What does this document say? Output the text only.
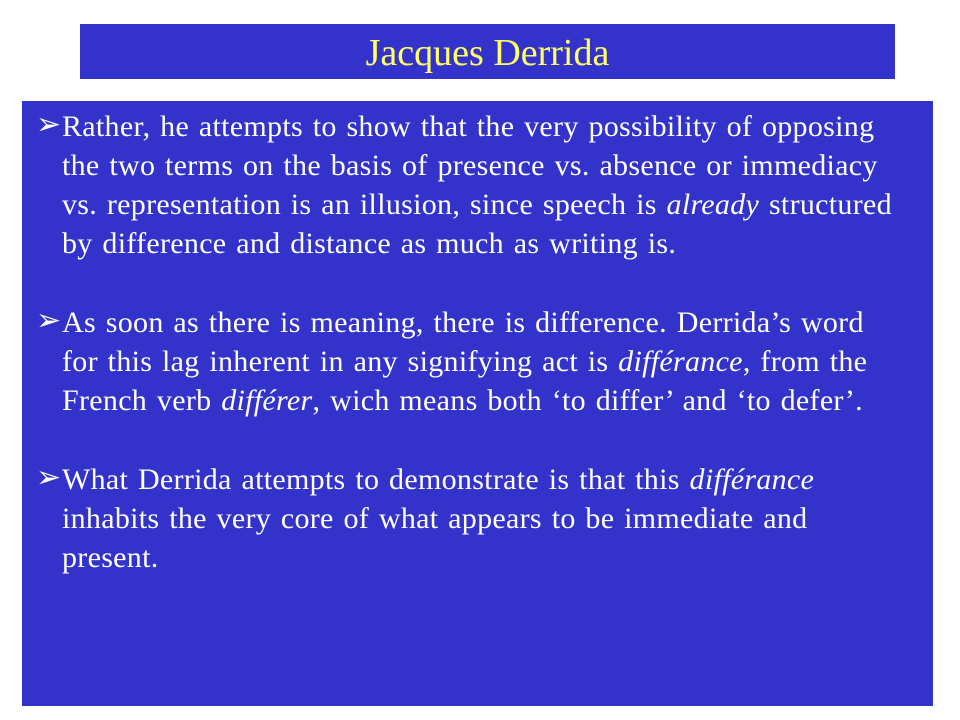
Jacques Derrida
➢ Rather, he attempts to show that the very possibility of opposing the two terms on the basis of presence vs. absence or immediacy vs. representation is an illusion, since speech is already structured by difference and distance as much as writing is.
➢ As soon as there is meaning, there is difference. Derrida’s word for this lag inherent in any signifying act is différance, from the French verb différer, wich means both ‘to differ’ and ‘to defer’.
➢ What Derrida attempts to demonstrate is that this différance inhabits the very core of what appears to be immediate and present.
